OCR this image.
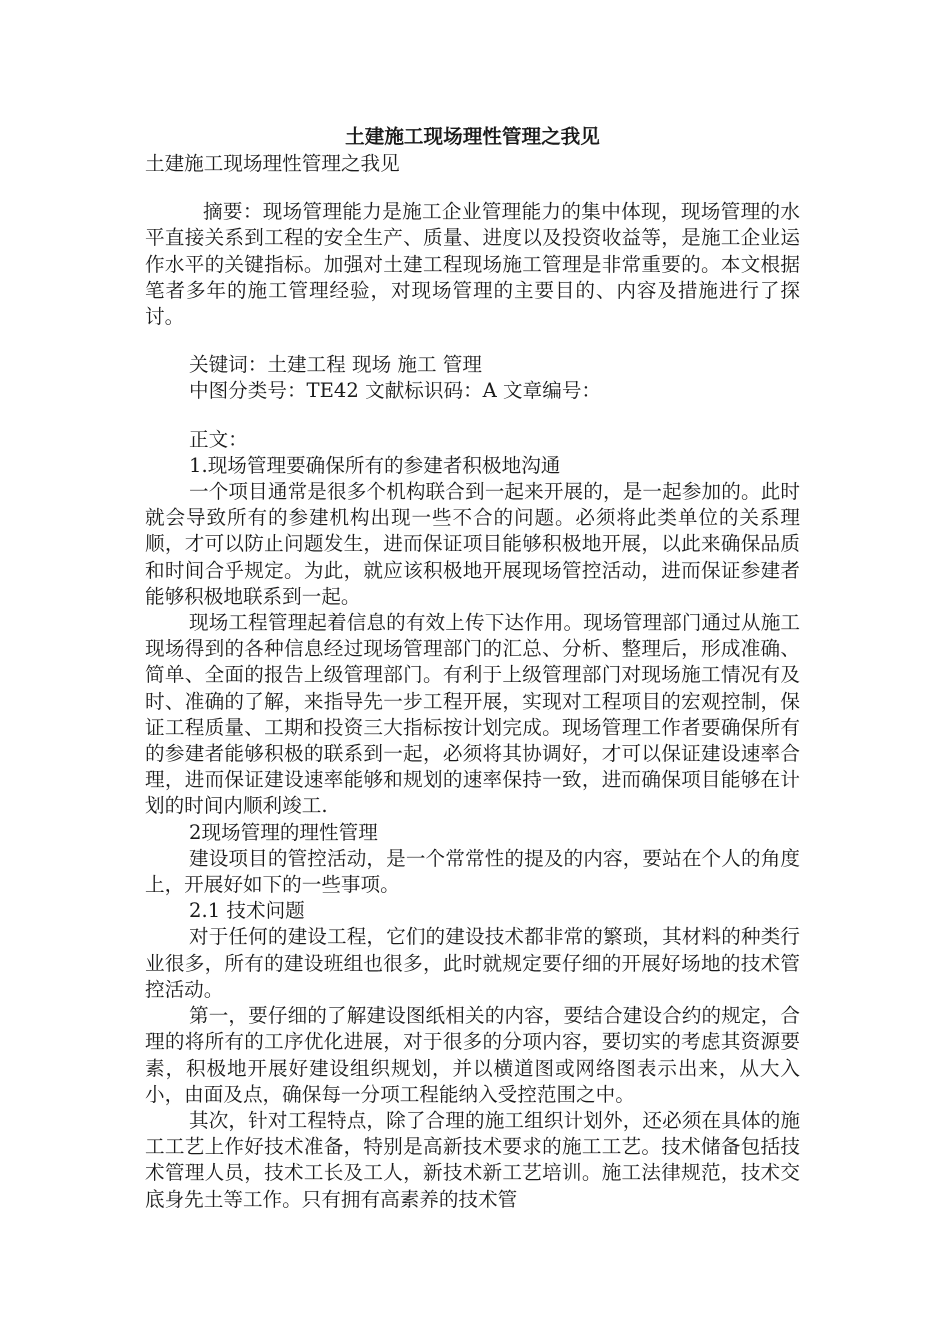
土建施工现场理性管理之我见

土建施工现场理性管理之我见

摘要：现场管理能力是施工企业管理能力的集中体现，现场管理的水平直接关系到工程的安全生产、质量、进度以及投资收益等，是施工企业运作水平的关键指标。加强对土建工程现场施工管理是非常重要的。本文根据笔者多年的施工管理经验，对现场管理的主要目的、内容及措施进行了探讨。

关键词：土建工程 现场 施工 管理

中图分类号：TE42 文献标识码：A 文章编号：

正文：

1.现场管理要确保所有的参建者积极地沟通

一个项目通常是很多个机构联合到一起来开展的，是一起参加的。此时就会导致所有的参建机构出现一些不合的问题。必须将此类单位的关系理顺，才可以防止问题发生，进而保证项目能够积极地开展，以此来确保品质和时间合乎规定。为此，就应该积极地开展现场管控活动，进而保证参建者能够积极地联系到一起。

现场工程管理起着信息的有效上传下达作用。现场管理部门通过从施工现场得到的各种信息经过现场管理部门的汇总、分析、整理后，形成准确、简单、全面的报告上级管理部门。有利于上级管理部门对现场施工情况有及时、准确的了解，来指导先一步工程开展，实现对工程项目的宏观控制，保证工程质量、工期和投资三大指标按计划完成。现场管理工作者要确保所有的参建者能够积极的联系到一起，必须将其协调好，才可以保证建设速率合理，进而保证建设速率能够和规划的速率保持一致，进而确保项目能够在计划的时间内顺利竣工.

2现场管理的理性管理

建设项目的管控活动，是一个常常性的提及的内容，要站在个人的角度上，开展好如下的一些事项。

2.1 技术问题

对于任何的建设工程，它们的建设技术都非常的繁琐，其材料的种类行业很多，所有的建设班组也很多，此时就规定要仔细的开展好场地的技术管控活动。

第一，要仔细的了解建设图纸相关的内容，要结合建设合约的规定，合理的将所有的工序优化进展，对于很多的分项内容，要切实的考虑其资源要素，积极地开展好建设组织规划，并以横道图或网络图表示出来，从大入小，由面及点，确保每一分项工程能纳入受控范围之中。

其次，针对工程特点，除了合理的施工组织计划外，还必须在具体的施工工艺上作好技术准备，特别是高新技术要求的施工工艺。技术储备包括技术管理人员，技术工长及工人，新技术新工艺培训。施工法律规范，技术交底身先土等工作。只有拥有高素养的技术管
